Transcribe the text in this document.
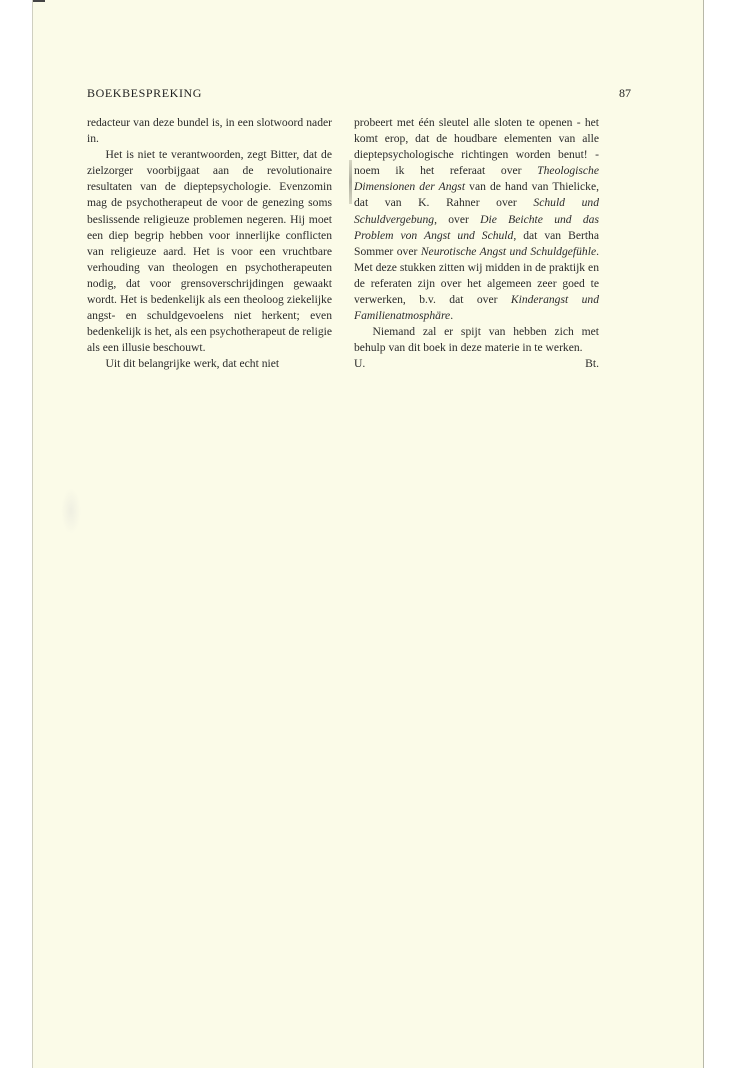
BOEKBESPREKING	87

redacteur van deze bundel is, in een slotwoord nader in.

Het is niet te verantwoorden, zegt Bitter, dat de zielzorger voorbijgaat aan de revolutionaire resultaten van de dieptepsychologie. Evenzomin mag de psychotherapeut de voor de genezing soms beslissende religieuze problemen negeren. Hij moet een diep begrip hebben voor innerlijke conflicten van religieuze aard. Het is voor een vruchtbare verhouding van theologen en psychotherapeuten nodig, dat voor grensoverschrijdingen gewaakt wordt. Het is bedenkelijk als een theoloog ziekelijke angst- en schuldgevoelens niet herkent; even bedenkelijk is het, als een psychotherapeut de religie als een illusie beschouwt.

Uit dit belangrijke werk, dat echt niet

probeert met één sleutel alle sloten te openen - het komt erop, dat de houdbare elementen van alle dieptepsychologische richtingen worden benut! - noem ik het referaat over Theologische Dimensionen der Angst van de hand van Thielicke, dat van K. Rahner over Schuld und Schuldvergebung, over Die Beichte und das Problem von Angst und Schuld, dat van Bertha Sommer over Neurotische Angst und Schuldgefühle. Met deze stukken zitten wij midden in de praktijk en de referaten zijn over het algemeen zeer goed te verwerken, b.v. dat over Kinderangst und Familienatmosphäre.

Niemand zal er spijt van hebben zich met behulp van dit boek in deze materie in te werken.

U.	Bt.
